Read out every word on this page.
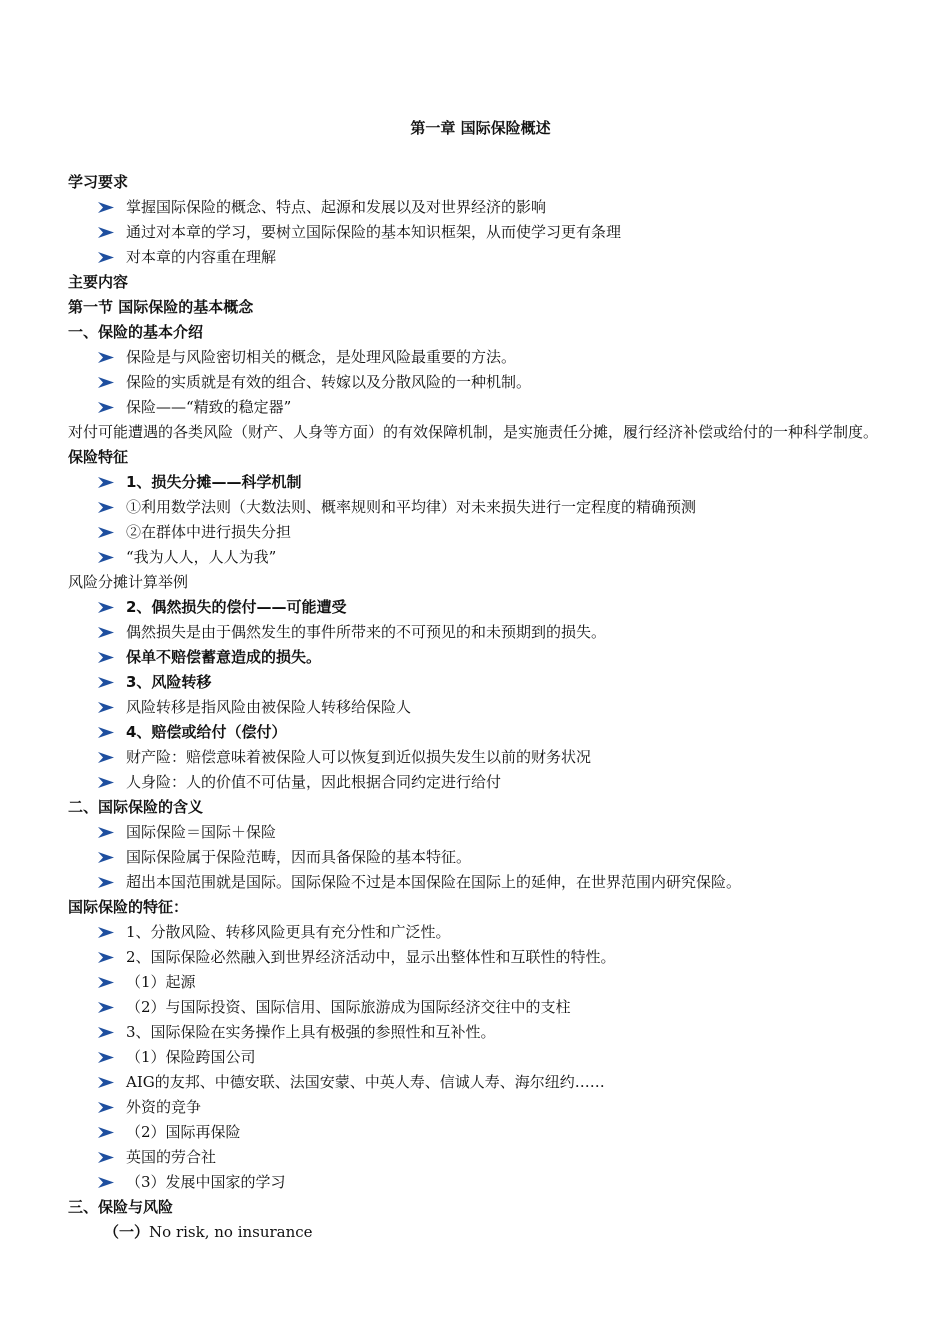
第一章 国际保险概述
学习要求
掌握国际保险的概念、特点、起源和发展以及对世界经济的影响
通过对本章的学习，要树立国际保险的基本知识框架，从而使学习更有条理
对本章的内容重在理解
主要内容
第一节 国际保险的基本概念
一、保险的基本介绍
保险是与风险密切相关的概念，是处理风险最重要的方法。
保险的实质就是有效的组合、转嫁以及分散风险的一种机制。
保险——“精致的稳定器”
对付可能遭遇的各类风险（财产、人身等方面）的有效保障机制，是实施责任分摊，履行经济补偿或给付的一种科学制度。
保险特征
1、损失分摊——科学机制
①利用数学法则（大数法则、概率规则和平均律）对未来损失进行一定程度的精确预测
②在群体中进行损失分担
“我为人人，人人为我”
风险分摊计算举例
2、偶然损失的偿付——可能遭受
偶然损失是由于偶然发生的事件所带来的不可预见的和未预期到的损失。
保单不赔偿蓄意造成的损失。
3、风险转移
风险转移是指风险由被保险人转移给保险人
4、赔偿或给付（偿付）
财产险：赔偿意味着被保险人可以恢复到近似损失发生以前的财务状况
人身险：人的价值不可估量，因此根据合同约定进行给付
二、国际保险的含义
国际保险＝国际＋保险
国际保险属于保险范畴，因而具备保险的基本特征。
超出本国范围就是国际。国际保险不过是本国保险在国际上的延伸，在世界范围内研究保险。
国际保险的特征：
1、分散风险、转移风险更具有充分性和广泛性。
2、国际保险必然融入到世界经济活动中，显示出整体性和互联性的特性。
（1）起源
（2）与国际投资、国际信用、国际旅游成为国际经济交往中的支柱
3、国际保险在实务操作上具有极强的参照性和互补性。
（1）保险跨国公司
AIG的友邦、中德安联、法国安蒙、中英人寿、信诚人寿、海尔纽约……
外资的竞争
（2）国际再保险
英国的劳合社
（3）发展中国家的学习
三、保险与风险
（一）No risk, no insurance
